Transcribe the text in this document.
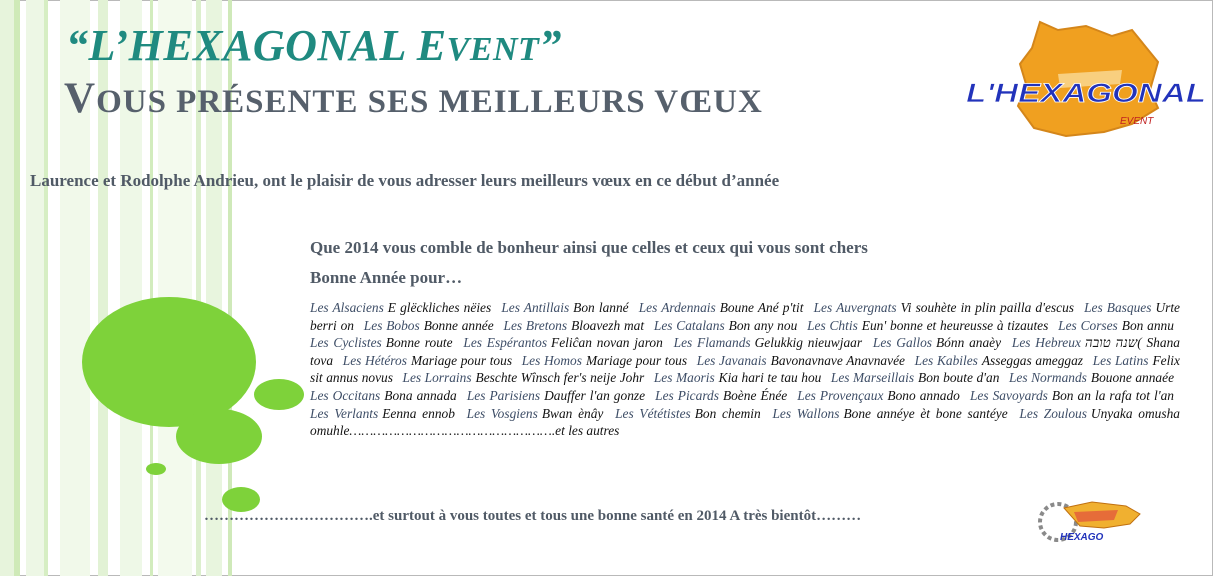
“L’HEXAGONAL EVENT”
VOUS PRÉSENTE SES MEILLEURS VŒUX	L'HEXAGONAL
EVENT
Laurence et Rodolphe Andrieu, ont le plaisir de vous adresser leurs meilleurs vœux en ce début d’année
Que 2014 vous comble de bonheur ainsi que celles et ceux qui vous sont chers
Bonne Année pour…
Les Alsaciens E glëckliches nëies Les Antillais Bon lanné Les Ardennais Boune Ané p'tit Les Auvergnats Vi souhète in plin pailla d'escus Les Basques Urte berri on Les Bobos Bonne année Les Bretons Bloavezh mat Les Catalans Bon any nou Les Chtis Eun' bonne et heureusse à tizautes Les Corses Bon annu Les Cyclistes Bonne route Les Espérantos Feliĉan novan jaron Les Flamands Gelukkig nieuwjaar Les Gallos Bónn anaèy Les Hebreux שנה טובה( Shana tova Les Hétéros Mariage pour tous Les Homos Mariage pour tous Les Javanais Bavonavnave Anavnavée Les Kabiles Asseggas ameggaz Les Latins Felix sit annus novus Les Lorrains Beschte Wînsch fer's neije Johr Les Maoris Kia hari te tau hou Les Marseillais Bon boute d'an Les Normands Bouone annaée Les Occitans Bona annada Les Parisiens Dauffer l'an gonze Les Picards Boène Énée Les Provençaux Bono annado Les Savoyards Bon an la rafa tot l'an Les Verlants Eenna ennob Les Vosgiens Bwan ènây Les Vététistes Bon chemin Les Wallons Bone annéye èt bone santéye Les Zoulous Unyaka omusha omuhle…………………………………………….et les autres
…………………………….et surtout à vous toutes et tous une bonne santé en 2014 A très bientôt………
HEXAGO
